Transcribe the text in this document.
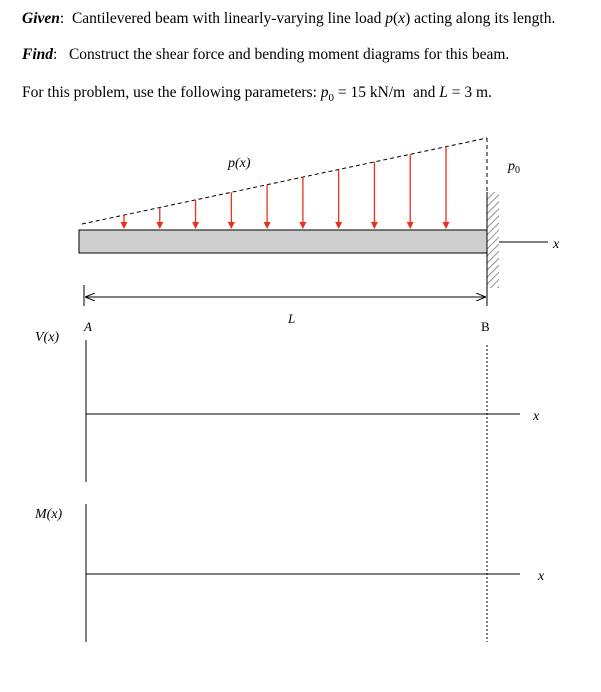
Given: Cantilevered beam with linearly-varying line load p(x) acting along its length.
Find: Construct the shear force and bending moment diagrams for this beam.
For this problem, use the following parameters: $p_0 = 15$ kN/m  and L = 3 m.
x
p(x)	$p_0$
L
A	B
V(x)
x
M(x)
x
